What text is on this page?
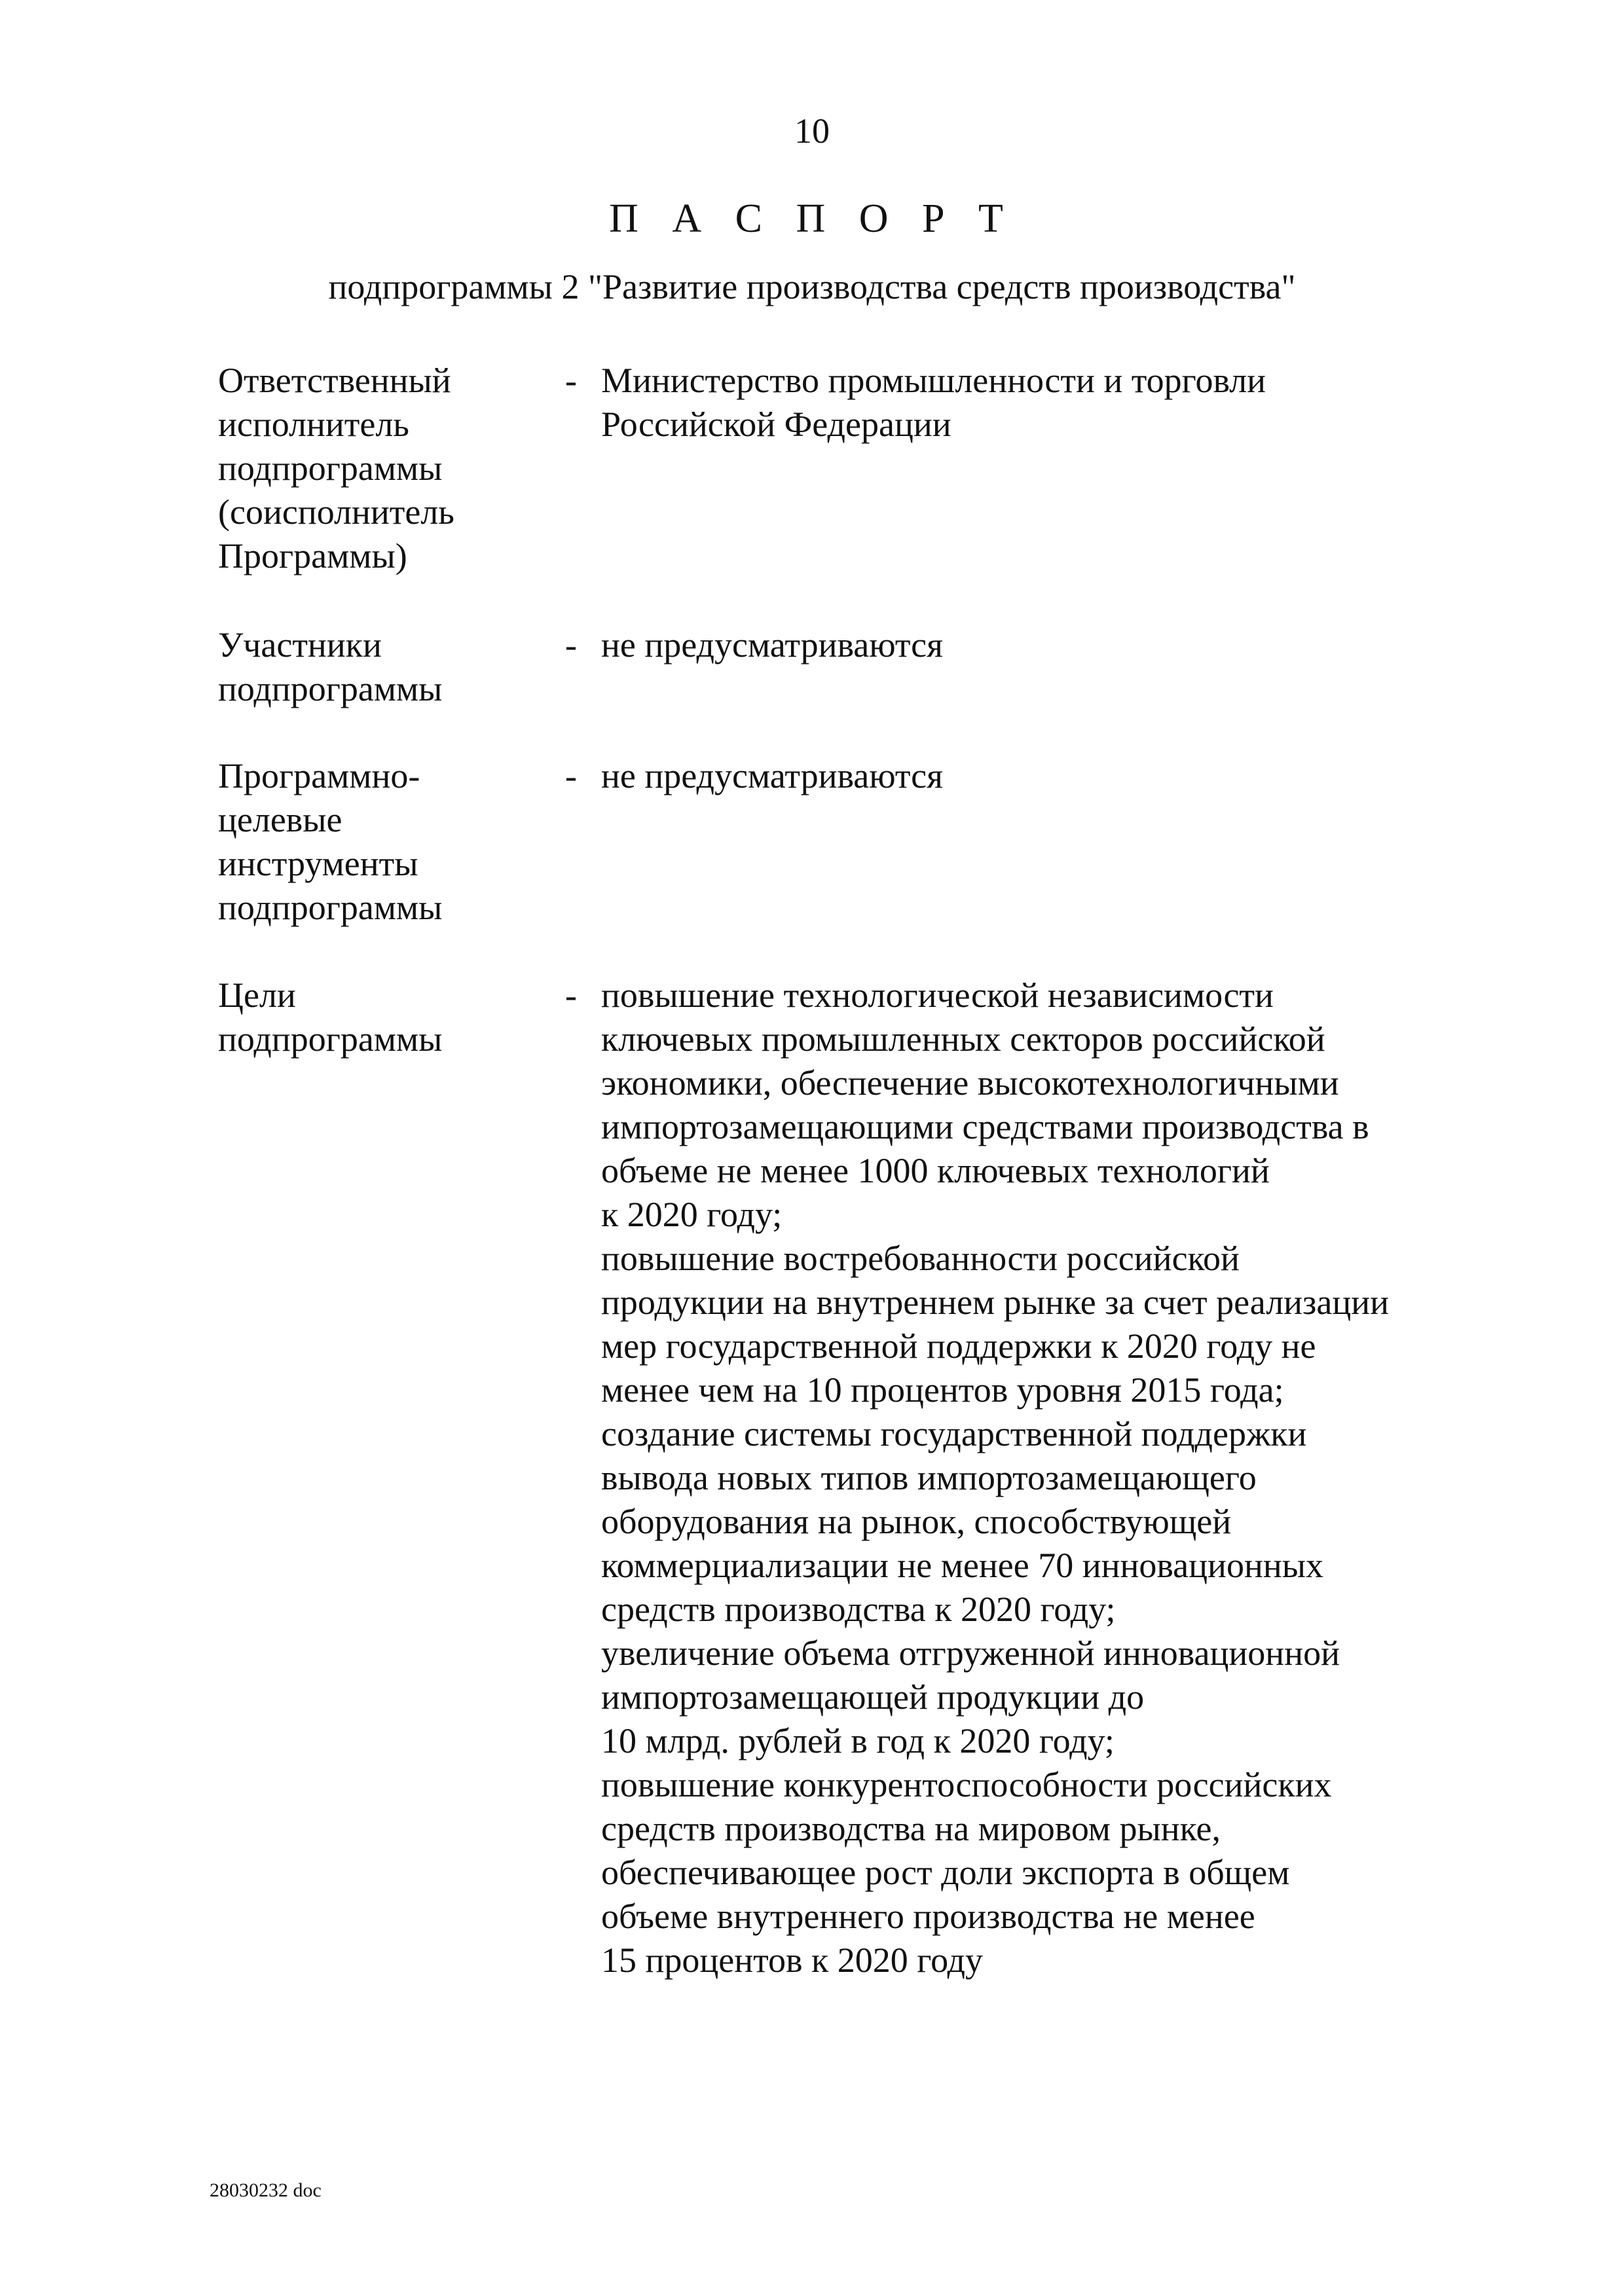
10
П А С П О Р Т
подпрограммы 2 "Развитие производства средств производства"
Ответственный
исполнитель
подпрограммы
(соисполнитель
Программы)
- Министерство промышленности и торговли
Российской Федерации
Участники
подпрограммы
- не предусматриваются
Программно-
целевые
инструменты
подпрограммы
- не предусматриваются
Цели
подпрограммы
- повышение технологической независимости
ключевых промышленных секторов российской
экономики, обеспечение высокотехнологичными
импортозамещающими средствами производства в
объеме не менее 1000 ключевых технологий
к 2020 году;
повышение востребованности российской
продукции на внутреннем рынке за счет реализации
мер государственной поддержки к 2020 году не
менее чем на 10 процентов уровня 2015 года;
создание системы государственной поддержки
вывода новых типов импортозамещающего
оборудования на рынок, способствующей
коммерциализации не менее 70 инновационных
средств производства к 2020 году;
увеличение объема отгруженной инновационной
импортозамещающей продукции до
10 млрд. рублей в год к 2020 году;
повышение конкурентоспособности российских
средств производства на мировом рынке,
обеспечивающее рост доли экспорта в общем
объеме внутреннего производства не менее
15 процентов к 2020 году
28030232 doc
